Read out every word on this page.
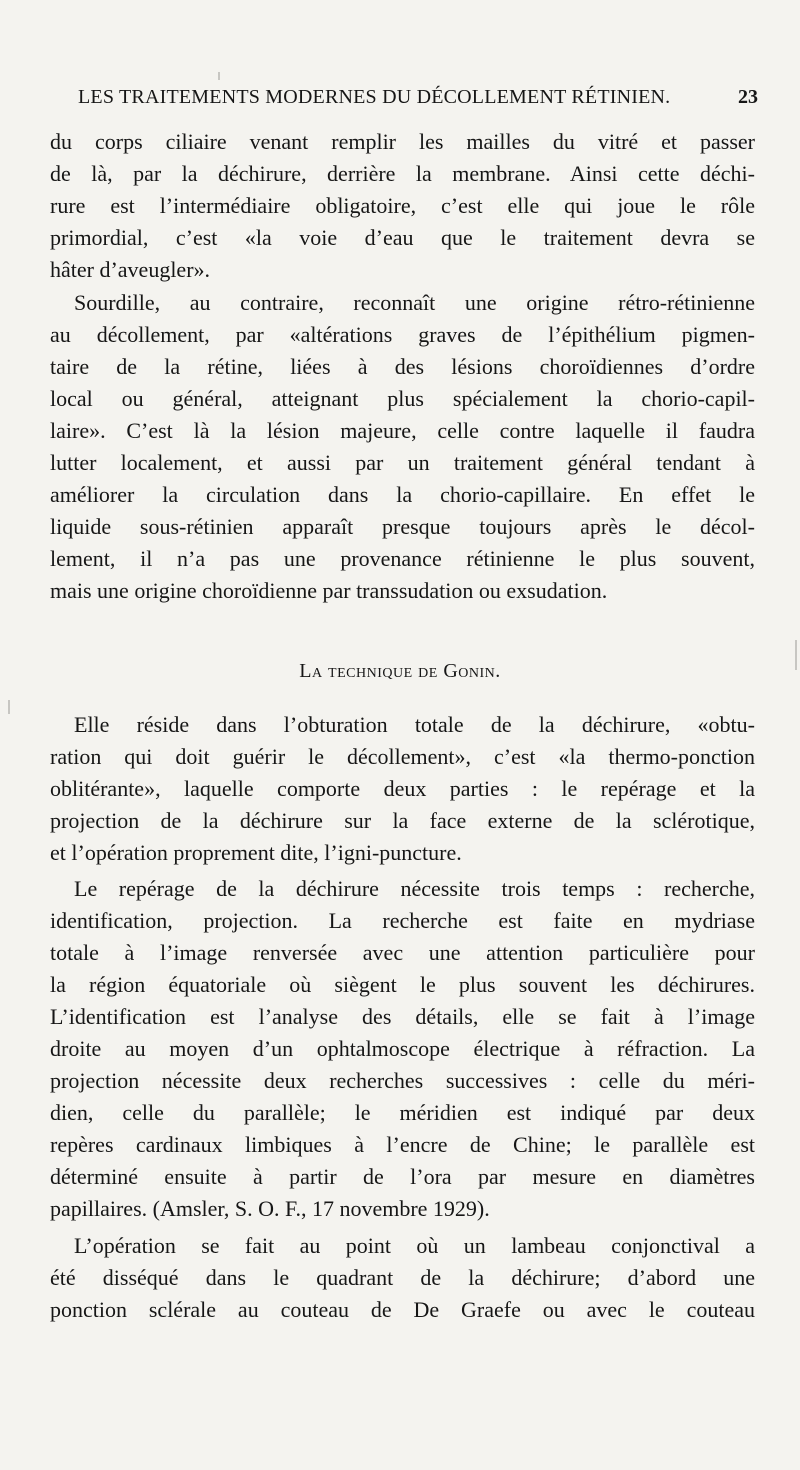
LES TRAITEMENTS MODERNES DU DÉCOLLEMENT RÉTINIEN.	23
du corps ciliaire venant remplir les mailles du vitré et passer
de là, par la déchirure, derrière la membrane. Ainsi cette déchi-
rure est l’intermédiaire obligatoire, c’est elle qui joue le rôle
primordial, c’est «la voie d’eau que le traitement devra se
hâter d’aveugler».
Sourdille, au contraire, reconnaît une origine rétro-rétinienne
au décollement, par «altérations graves de l’épithélium pigmen-
taire de la rétine, liées à des lésions choroïdiennes d’ordre
local ou général, atteignant plus spécialement la chorio-capil-
laire». C’est là la lésion majeure, celle contre laquelle il faudra
lutter localement, et aussi par un traitement général tendant à
améliorer la circulation dans la chorio-capillaire. En effet le
liquide sous-rétinien apparaît presque toujours après le décol-
lement, il n’a pas une provenance rétinienne le plus souvent,
mais une origine choroïdienne par transsudation ou exsudation.
La technique de Gonin.
Elle réside dans l’obturation totale de la déchirure, «obtu-
ration qui doit guérir le décollement», c’est «la thermo-ponction
oblitérante», laquelle comporte deux parties : le repérage et la
projection de la déchirure sur la face externe de la sclérotique,
et l’opération proprement dite, l’igni-puncture.
Le repérage de la déchirure nécessite trois temps : recherche,
identification, projection. La recherche est faite en mydriase
totale à l’image renversée avec une attention particulière pour
la région équatoriale où siègent le plus souvent les déchirures.
L’identification est l’analyse des détails, elle se fait à l’image
droite au moyen d’un ophtalmoscope électrique à réfraction. La
projection nécessite deux recherches successives : celle du méri-
dien, celle du parallèle; le méridien est indiqué par deux
repères cardinaux limbiques à l’encre de Chine; le parallèle est
déterminé ensuite à partir de l’ora par mesure en diamètres
papillaires. (Amsler, S. O. F., 17 novembre 1929).
L’opération se fait au point où un lambeau conjonctival a
été disséqué dans le quadrant de la déchirure; d’abord une
ponction sclérale au couteau de De Graefe ou avec le couteau
